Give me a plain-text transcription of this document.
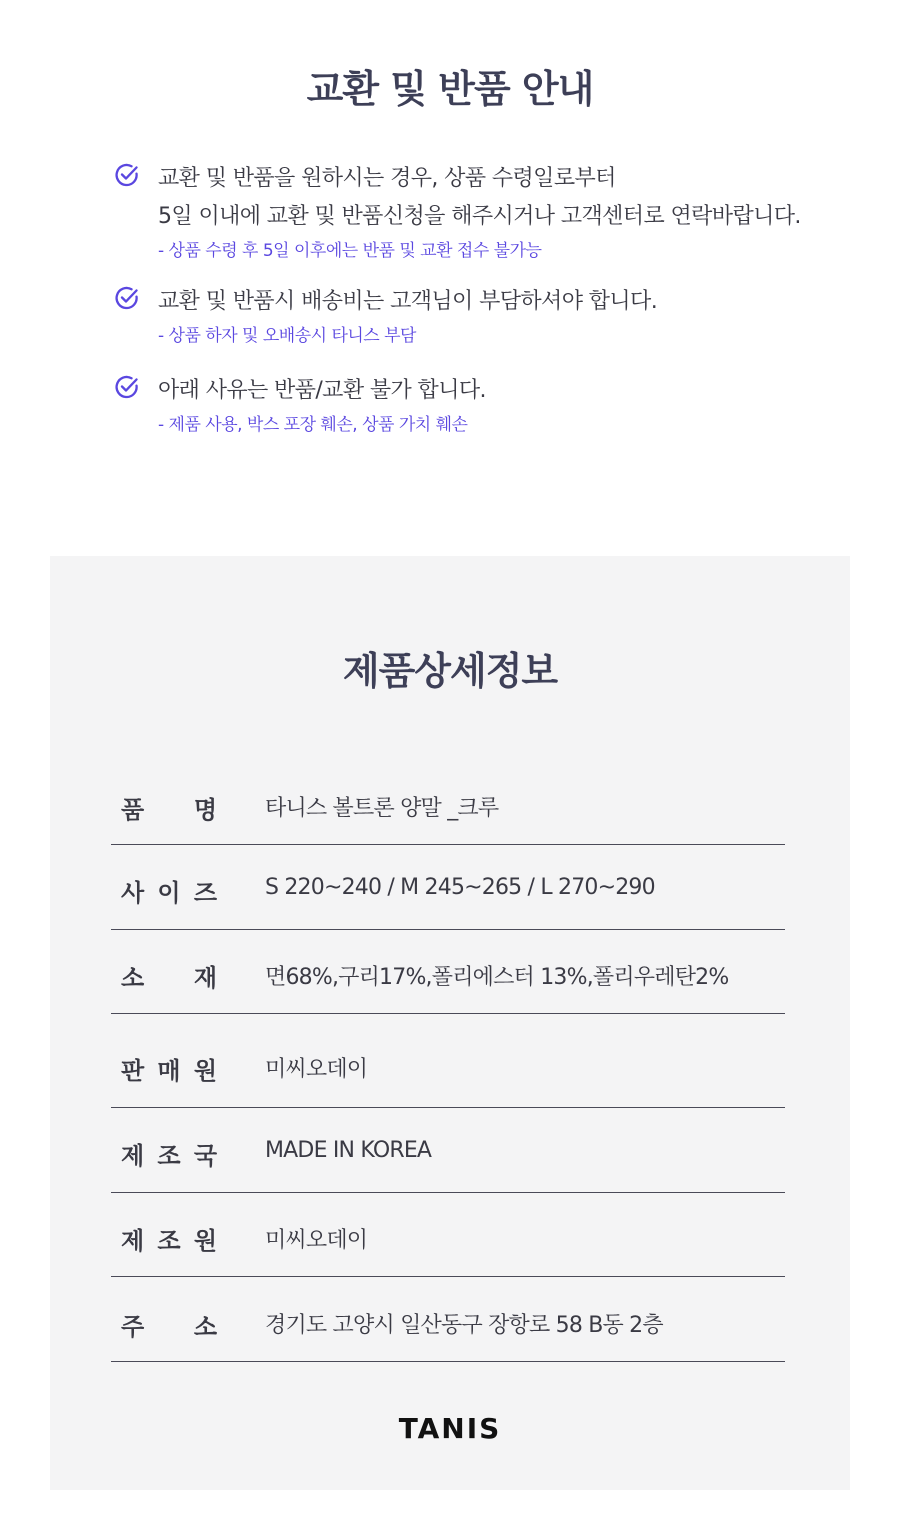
교환 및 반품 안내
교환 및 반품을 원하시는 경우, 상품 수령일로부터
5일 이내에 교환 및 반품신청을 해주시거나 고객센터로 연락바랍니다.
- 상품 수령 후 5일 이후에는 반품 및 교환 접수 불가능
교환 및 반품시 배송비는 고객님이 부담하셔야 합니다.
- 상품 하자 및 오배송시 타니스 부담
아래 사유는 반품/교환 불가 합니다.
- 제품 사용, 박스 포장 훼손, 상품 가치 훼손
제품상세정보
품 명 타니스 볼트론 양말 _크루
사 이 즈 S 220~240 / M 245~265 / L 270~290
소 재 면68%,구리17%,폴리에스터 13%,폴리우레탄2%
판 매 원 미씨오데이
제 조 국 MADE IN KOREA
제 조 원 미씨오데이
주 소 경기도 고양시 일산동구 장항로 58 B동 2층
TANIS
